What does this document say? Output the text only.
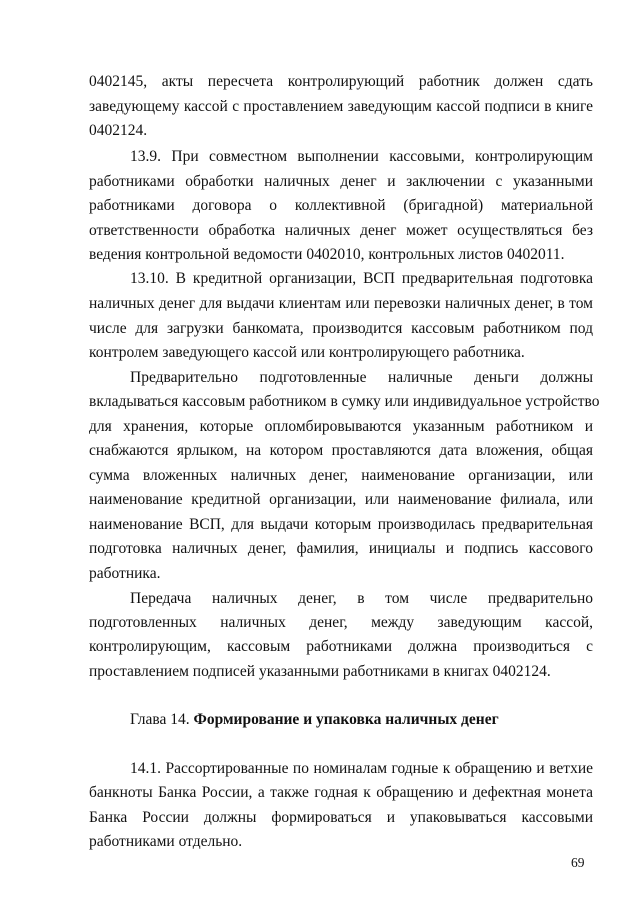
0402145, акты пересчета контролирующий работник должен сдать
заведующему кассой с проставлением заведующим кассой подписи в книге
0402124.
13.9. При совместном выполнении кассовыми, контролирующим
работниками обработки наличных денег и заключении с указанными
работниками договора о коллективной (бригадной) материальной
ответственности обработка наличных денег может осуществляться без
ведения контрольной ведомости 0402010, контрольных листов 0402011.
13.10. В кредитной организации, ВСП предварительная подготовка
наличных денег для выдачи клиентам или перевозки наличных денег, в том
числе для загрузки банкомата, производится кассовым работником под
контролем заведующего кассой или контролирующего работника.
Предварительно подготовленные наличные деньги должны
вкладываться кассовым работником в сумку или индивидуальное устройство
для хранения, которые опломбировываются указанным работником и
снабжаются ярлыком, на котором проставляются дата вложения, общая
сумма вложенных наличных денег, наименование организации, или
наименование кредитной организации, или наименование филиала, или
наименование ВСП, для выдачи которым производилась предварительная
подготовка наличных денег, фамилия, инициалы и подпись кассового
работника.
Передача наличных денег, в том числе предварительно
подготовленных наличных денег, между заведующим кассой,
контролирующим, кассовым работниками должна производиться с
проставлением подписей указанными работниками в книгах 0402124.
Глава 14. Формирование и упаковка наличных денег
14.1. Рассортированные по номиналам годные к обращению и ветхие
банкноты Банка России, а также годная к обращению и дефектная монета
Банка России должны формироваться и упаковываться кассовыми
работниками отдельно.
69
